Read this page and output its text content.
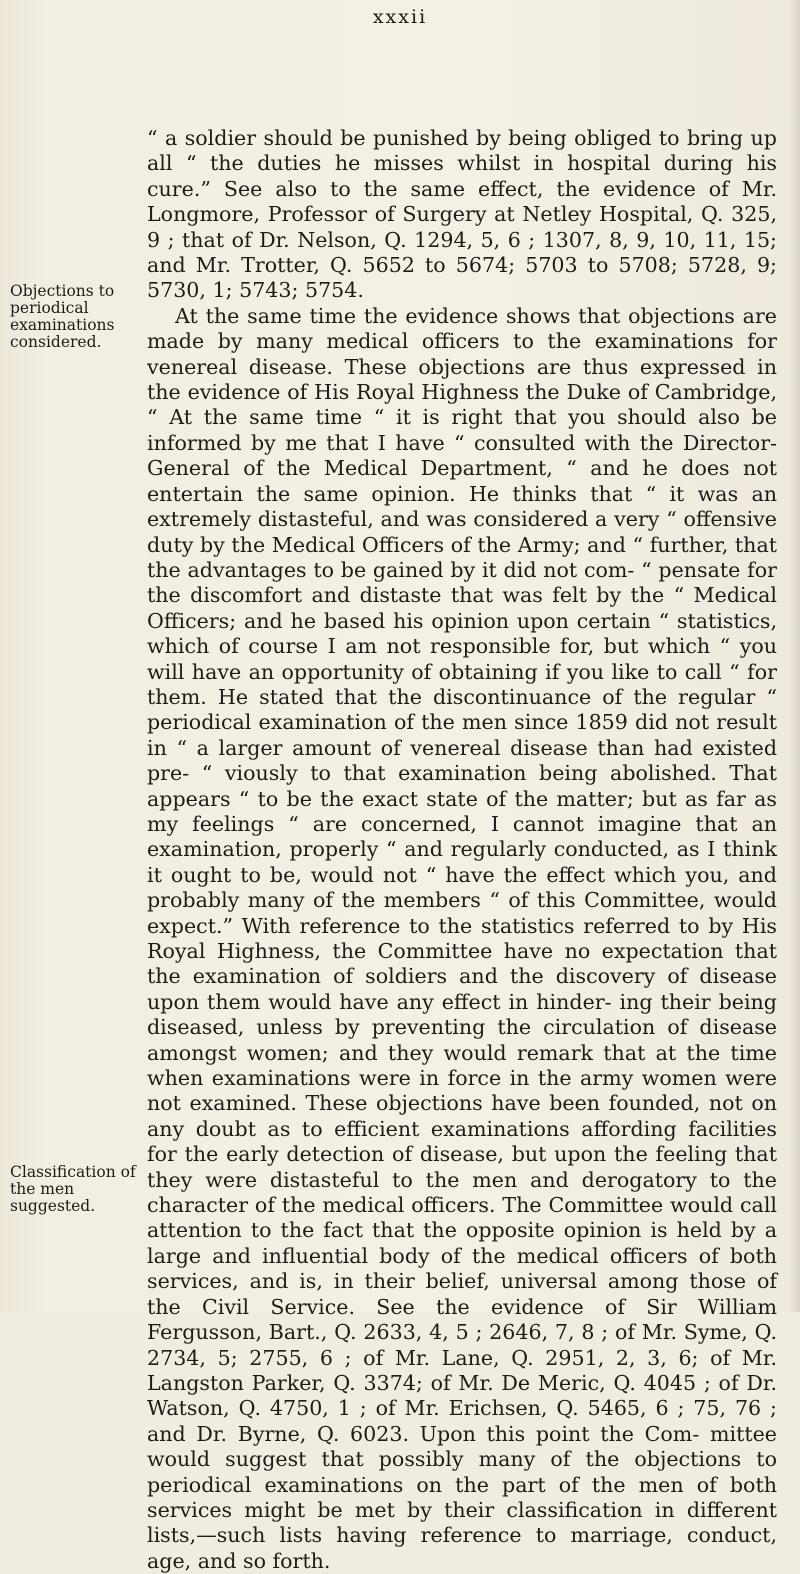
xxxii
Objections to periodical examinations considered.
Classification of the men suggested.

“ a soldier should be punished by being obliged to bring up all “ the duties he misses whilst in hospital during his cure.” See also to the same effect, the evidence of Mr. Longmore, Professor of Surgery at Netley Hospital, Q. 325, 9 ; that of Dr. Nelson, Q. 1294, 5, 6 ; 1307, 8, 9, 10, 11, 15; and Mr. Trotter, Q. 5652 to 5674; 5703 to 5708; 5728, 9; 5730, 1; 5743; 5754.

At the same time the evidence shows that objections are made by many medical officers to the examinations for venereal disease. These objections are thus expressed in the evidence of His Royal Highness the Duke of Cambridge, “ At the same time “ it is right that you should also be informed by me that I have “ consulted with the Director-General of the Medical Department, “ and he does not entertain the same opinion. He thinks that “ it was an extremely distasteful, and was considered a very “ offensive duty by the Medical Officers of the Army; and “ further, that the advantages to be gained by it did not com- “ pensate for the discomfort and distaste that was felt by the “ Medical Officers; and he based his opinion upon certain “ statistics, which of course I am not responsible for, but which “ you will have an opportunity of obtaining if you like to call “ for them. He stated that the discontinuance of the regular “ periodical examination of the men since 1859 did not result in “ a larger amount of venereal disease than had existed pre- “ viously to that examination being abolished. That appears “ to be the exact state of the matter; but as far as my feelings “ are concerned, I cannot imagine that an examination, properly “ and regularly conducted, as I think it ought to be, would not “ have the effect which you, and probably many of the members “ of this Committee, would expect.” With reference to the statistics referred to by His Royal Highness, the Committee have no expectation that the examination of soldiers and the discovery of disease upon them would have any effect in hinder- ing their being diseased, unless by preventing the circulation of disease amongst women; and they would remark that at the time when examinations were in force in the army women were not examined. These objections have been founded, not on any doubt as to efficient examinations affording facilities for the early detection of disease, but upon the feeling that they were distasteful to the men and derogatory to the character of the medical officers. The Committee would call attention to the fact that the opposite opinion is held by a large and influential body of the medical officers of both services, and is, in their belief, universal among those of the Civil Service. See the evidence of Sir William Fergusson, Bart., Q. 2633, 4, 5 ; 2646, 7, 8 ; of Mr. Syme, Q. 2734, 5; 2755, 6 ; of Mr. Lane, Q. 2951, 2, 3, 6; of Mr. Langston Parker, Q. 3374; of Mr. De Meric, Q. 4045 ; of Dr. Watson, Q. 4750, 1 ; of Mr. Erichsen, Q. 5465, 6 ; 75, 76 ; and Dr. Byrne, Q. 6023. Upon this point the Com- mittee would suggest that possibly many of the objections to periodical examinations on the part of the men of both services might be met by their classification in different lists,—such lists having reference to marriage, conduct, age, and so forth.
